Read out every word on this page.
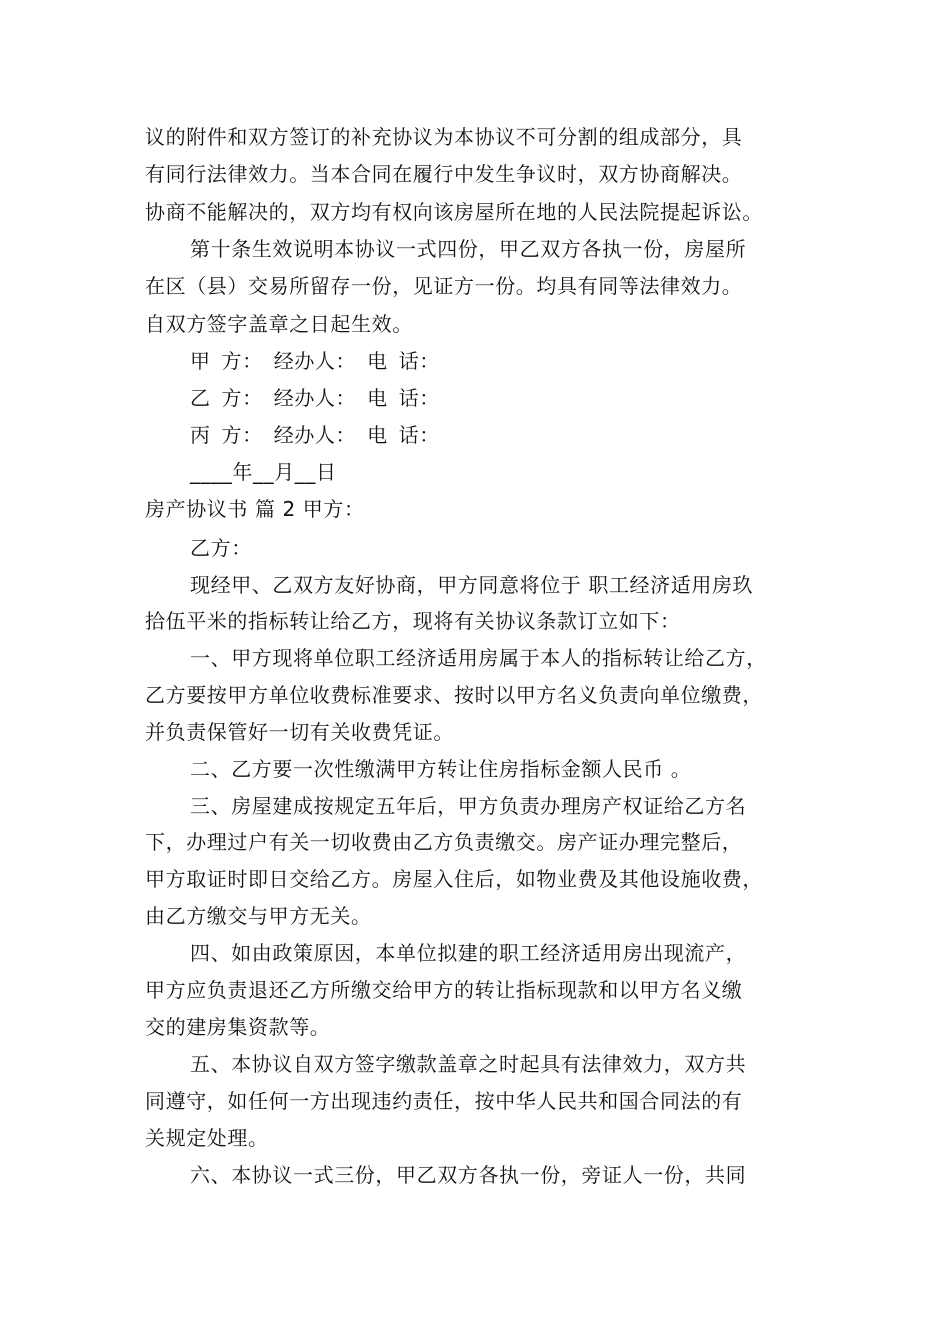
议的附件和双方签订的补充协议为本协议不可分割的组成部分，具
有同行法律效力。当本合同在履行中发生争议时，双方协商解决。
协商不能解决的，双方均有权向该房屋所在地的人民法院提起诉讼。
第十条生效说明本协议一式四份，甲乙双方各执一份，房屋所
在区（县）交易所留存一份，见证方一份。均具有同等法律效力。
自双方签字盖章之日起生效。
甲 方： 经办人： 电 话：
乙 方： 经办人： 电 话：
丙 方： 经办人： 电 话：
____年__月__日
房产协议书 篇 2 甲方：
乙方：
现经甲、乙双方友好协商，甲方同意将位于 职工经济适用房玖
拾伍平米的指标转让给乙方，现将有关协议条款订立如下：
一、甲方现将单位职工经济适用房属于本人的指标转让给乙方，
乙方要按甲方单位收费标准要求、按时以甲方名义负责向单位缴费，
并负责保管好一切有关收费凭证。
二、乙方要一次性缴满甲方转让住房指标金额人民币 。
三、房屋建成按规定五年后，甲方负责办理房产权证给乙方名
下，办理过户有关一切收费由乙方负责缴交。房产证办理完整后，
甲方取证时即日交给乙方。房屋入住后，如物业费及其他设施收费，
由乙方缴交与甲方无关。
四、如由政策原因，本单位拟建的职工经济适用房出现流产，
甲方应负责退还乙方所缴交给甲方的转让指标现款和以甲方名义缴
交的建房集资款等。
五、本协议自双方签字缴款盖章之时起具有法律效力，双方共
同遵守，如任何一方出现违约责任，按中华人民共和国合同法的有
关规定处理。
六、本协议一式三份，甲乙双方各执一份，旁证人一份，共同
